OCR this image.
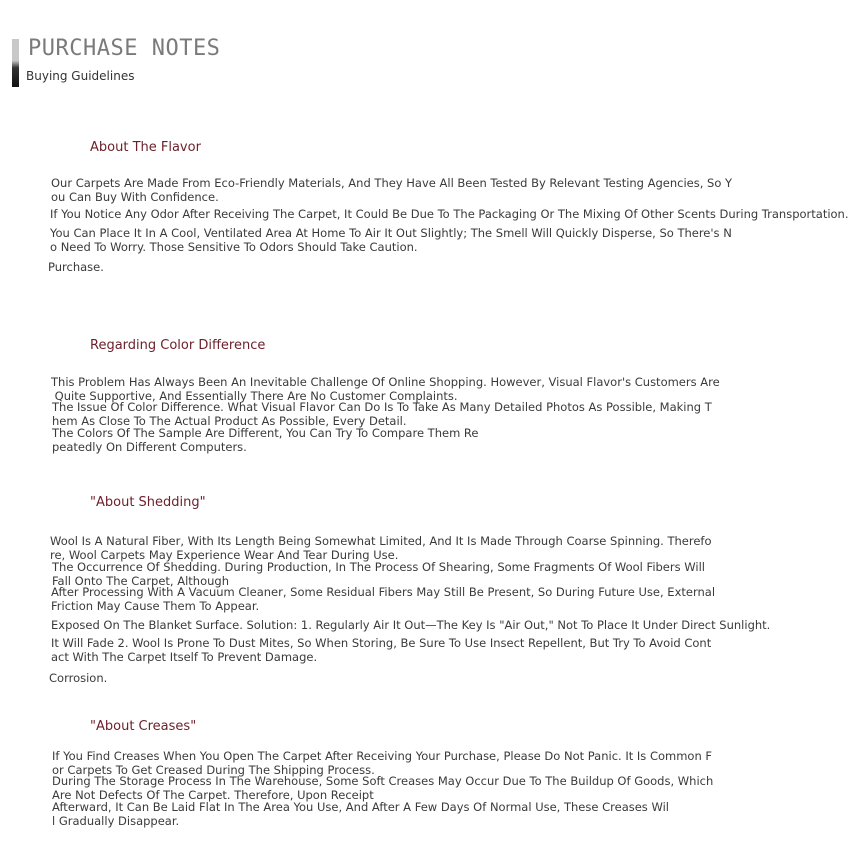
PURCHASE NOTES
Buying Guidelines
About The Flavor
Our Carpets Are Made From Eco-Friendly Materials, And They Have All Been Tested By Relevant Testing Agencies, So Y
ou Can Buy With Confidence.
If You Notice Any Odor After Receiving The Carpet, It Could Be Due To The Packaging Or The Mixing Of Other Scents During Transportation.
You Can Place It In A Cool, Ventilated Area At Home To Air It Out Slightly; The Smell Will Quickly Disperse, So There's N
o Need To Worry. Those Sensitive To Odors Should Take Caution.
Purchase.
Regarding Color Difference
This Problem Has Always Been An Inevitable Challenge Of Online Shopping. However, Visual Flavor's Customers Are
Quite Supportive, And Essentially There Are No Customer Complaints.
The Issue Of Color Difference. What Visual Flavor Can Do Is To Take As Many Detailed Photos As Possible, Making T
hem As Close To The Actual Product As Possible, Every Detail.
The Colors Of The Sample Are Different, You Can Try To Compare Them Re
peatedly On Different Computers.
"About Shedding"
Wool Is A Natural Fiber, With Its Length Being Somewhat Limited, And It Is Made Through Coarse Spinning. Therefo
re, Wool Carpets May Experience Wear And Tear During Use.
The Occurrence Of Shedding. During Production, In The Process Of Shearing, Some Fragments Of Wool Fibers Will
Fall Onto The Carpet, Although
After Processing With A Vacuum Cleaner, Some Residual Fibers May Still Be Present, So During Future Use, External
Friction May Cause Them To Appear.
Exposed On The Blanket Surface. Solution: 1. Regularly Air It Out—The Key Is "Air Out," Not To Place It Under Direct Sunlight.
It Will Fade 2. Wool Is Prone To Dust Mites, So When Storing, Be Sure To Use Insect Repellent, But Try To Avoid Cont
act With The Carpet Itself To Prevent Damage.
Corrosion.
"About Creases"
If You Find Creases When You Open The Carpet After Receiving Your Purchase, Please Do Not Panic. It Is Common F
or Carpets To Get Creased During The Shipping Process.
During The Storage Process In The Warehouse, Some Soft Creases May Occur Due To The Buildup Of Goods, Which
Are Not Defects Of The Carpet. Therefore, Upon Receipt
Afterward, It Can Be Laid Flat In The Area You Use, And After A Few Days Of Normal Use, These Creases Wil
l Gradually Disappear.
